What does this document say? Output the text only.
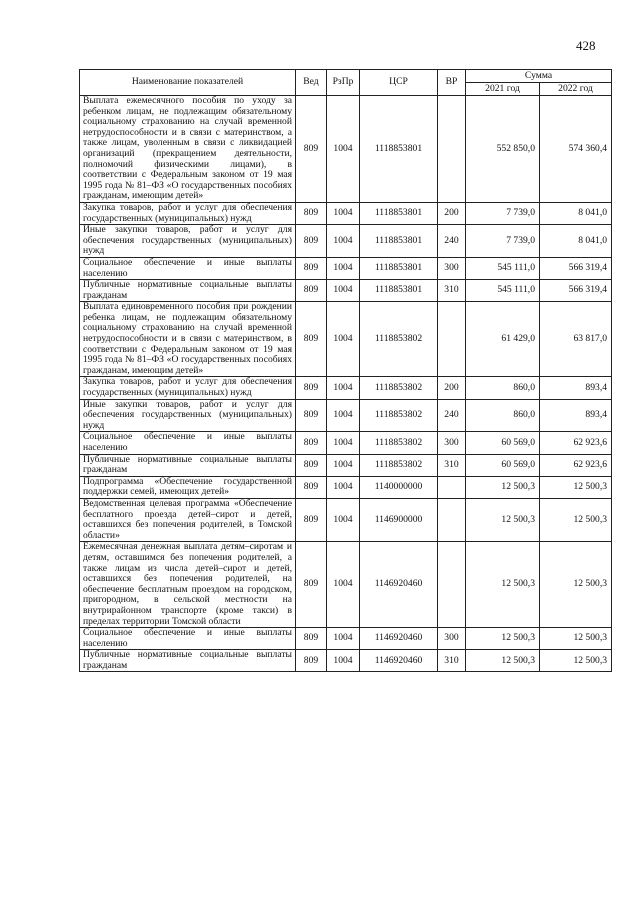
428
Наименование показателей	Вед	РзПр	ЦСР	ВР	Сумма	
					2021 год	2022 год
Выплата ежемесячного пособия по уходу за ребенком лицам, не подлежащим обязательному социальному страхованию на случай временной нетрудоспособности и в связи с материнством, а также лицам, уволенным в связи с ликвидацией организаций (прекращением деятельности, полномочий физическими лицами), в соответствии с Федеральным законом от 19 мая 1995 года № 81–ФЗ «О государственных пособиях гражданам, имеющим детей»	809	1004	1118853801		552 850,0	574 360,4
Закупка товаров, работ и услуг для обеспечения государственных (муниципальных) нужд	809	1004	1118853801	200	7 739,0	8 041,0
Иные закупки товаров, работ и услуг для обеспечения государственных (муниципальных) нужд	809	1004	1118853801	240	7 739,0	8 041,0
Социальное обеспечение и иные выплаты населению	809	1004	1118853801	300	545 111,0	566 319,4
Публичные нормативные социальные выплаты гражданам	809	1004	1118853801	310	545 111,0	566 319,4
Выплата единовременного пособия при рождении ребенка лицам, не подлежащим обязательному социальному страхованию на случай временной нетрудоспособности и в связи с материнством, в соответствии с Федеральным законом от 19 мая 1995 года № 81–ФЗ «О государственных пособиях гражданам, имеющим детей»	809	1004	1118853802		61 429,0	63 817,0
Закупка товаров, работ и услуг для обеспечения государственных (муниципальных) нужд	809	1004	1118853802	200	860,0	893,4
Иные закупки товаров, работ и услуг для обеспечения государственных (муниципальных) нужд	809	1004	1118853802	240	860,0	893,4
Социальное обеспечение и иные выплаты населению	809	1004	1118853802	300	60 569,0	62 923,6
Публичные нормативные социальные выплаты гражданам	809	1004	1118853802	310	60 569,0	62 923,6
Подпрограмма «Обеспечение государственной поддержки семей, имеющих детей»	809	1004	1140000000		12 500,3	12 500,3
Ведомственная целевая программа «Обеспечение бесплатного проезда детей–сирот и детей, оставшихся без попечения родителей, в Томской области»	809	1004	1146900000		12 500,3	12 500,3
Ежемесячная денежная выплата детям–сиротам и детям, оставшимся без попечения родителей, а также лицам из числа детей–сирот и детей, оставшихся без попечения родителей, на обеспечение бесплатным проездом на городском, пригородном, в сельской местности на внутрирайонном транспорте (кроме такси) в пределах территории Томской области	809	1004	1146920460		12 500,3	12 500,3
Социальное обеспечение и иные выплаты населению	809	1004	1146920460	300	12 500,3	12 500,3
Публичные нормативные социальные выплаты гражданам	809	1004	1146920460	310	12 500,3	12 500,3
